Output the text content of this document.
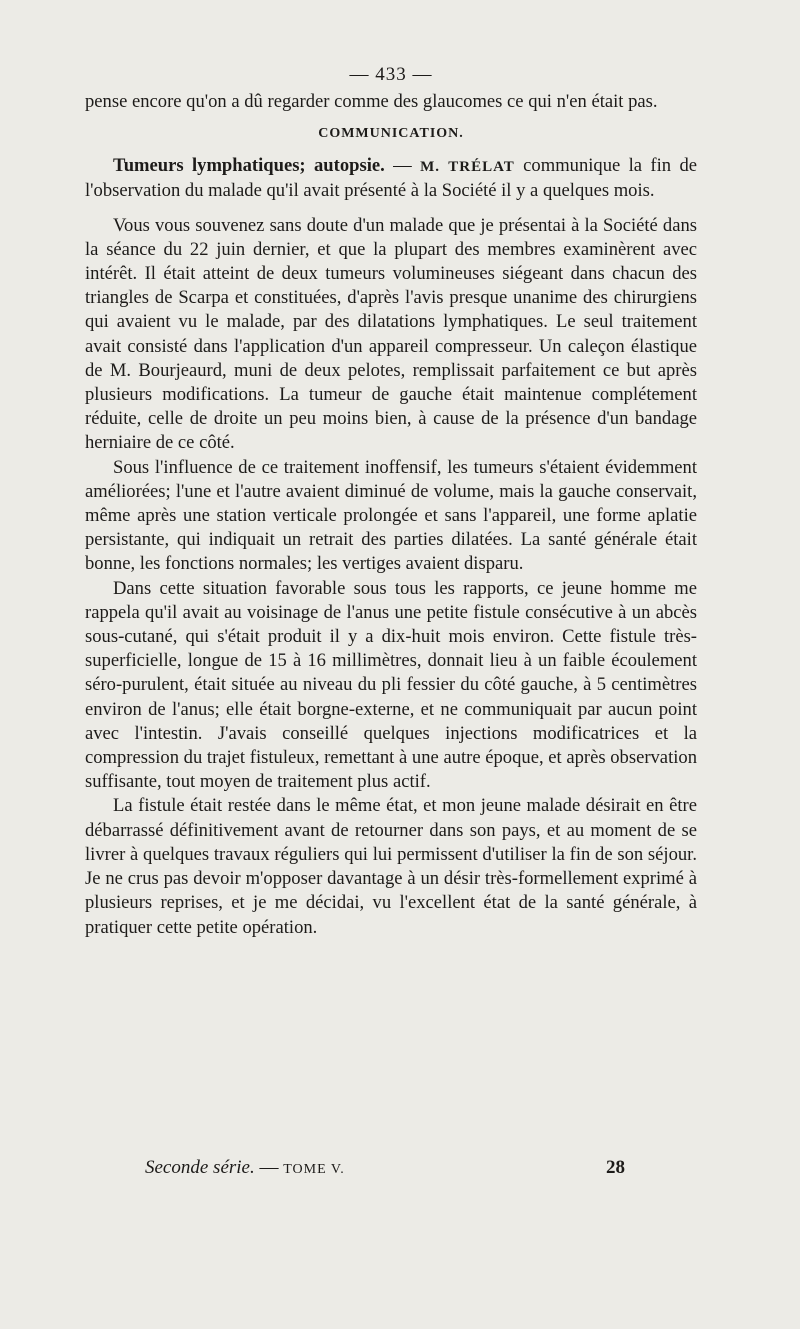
— 433 —

pense encore qu'on a dû regarder comme des glaucomes ce qui n'en était pas.

COMMUNICATION.

Tumeurs lymphatiques; autopsie. — M. TRÉLAT communique la fin de l'observation du malade qu'il avait présenté à la Société il y a quelques mois.

Vous vous souvenez sans doute d'un malade que je présentai à la Société dans la séance du 22 juin dernier, et que la plupart des membres examinèrent avec intérêt. Il était atteint de deux tumeurs volumineuses siégeant dans chacun des triangles de Scarpa et constituées, d'après l'avis presque unanime des chirurgiens qui avaient vu le malade, par des dilatations lymphatiques. Le seul traitement avait consisté dans l'application d'un appareil compresseur. Un caleçon élastique de M. Bourjeaurd, muni de deux pelotes, remplissait parfaitement ce but après plusieurs modifications. La tumeur de gauche était maintenue complétement réduite, celle de droite un peu moins bien, à cause de la présence d'un bandage herniaire de ce côté.

Sous l'influence de ce traitement inoffensif, les tumeurs s'étaient évidemment améliorées; l'une et l'autre avaient diminué de volume, mais la gauche conservait, même après une station verticale prolongée et sans l'appareil, une forme aplatie persistante, qui indiquait un retrait des parties dilatées. La santé générale était bonne, les fonctions normales; les vertiges avaient disparu.

Dans cette situation favorable sous tous les rapports, ce jeune homme me rappela qu'il avait au voisinage de l'anus une petite fistule consécutive à un abcès sous-cutané, qui s'était produit il y a dix-huit mois environ. Cette fistule très-superficielle, longue de 15 à 16 millimètres, donnait lieu à un faible écoulement séro-purulent, était située au niveau du pli fessier du côté gauche, à 5 centimètres environ de l'anus; elle était borgne-externe, et ne communiquait par aucun point avec l'intestin. J'avais conseillé quelques injections modificatrices et la compression du trajet fistuleux, remettant à une autre époque, et après observation suffisante, tout moyen de traitement plus actif.

La fistule était restée dans le même état, et mon jeune malade désirait en être débarrassé définitivement avant de retourner dans son pays, et au moment de se livrer à quelques travaux réguliers qui lui permissent d'utiliser la fin de son séjour. Je ne crus pas devoir m'opposer davantage à un désir très-formellement exprimé à plusieurs reprises, et je me décidai, vu l'excellent état de la santé générale, à pratiquer cette petite opération.

Seconde série. — TOME V.	28
